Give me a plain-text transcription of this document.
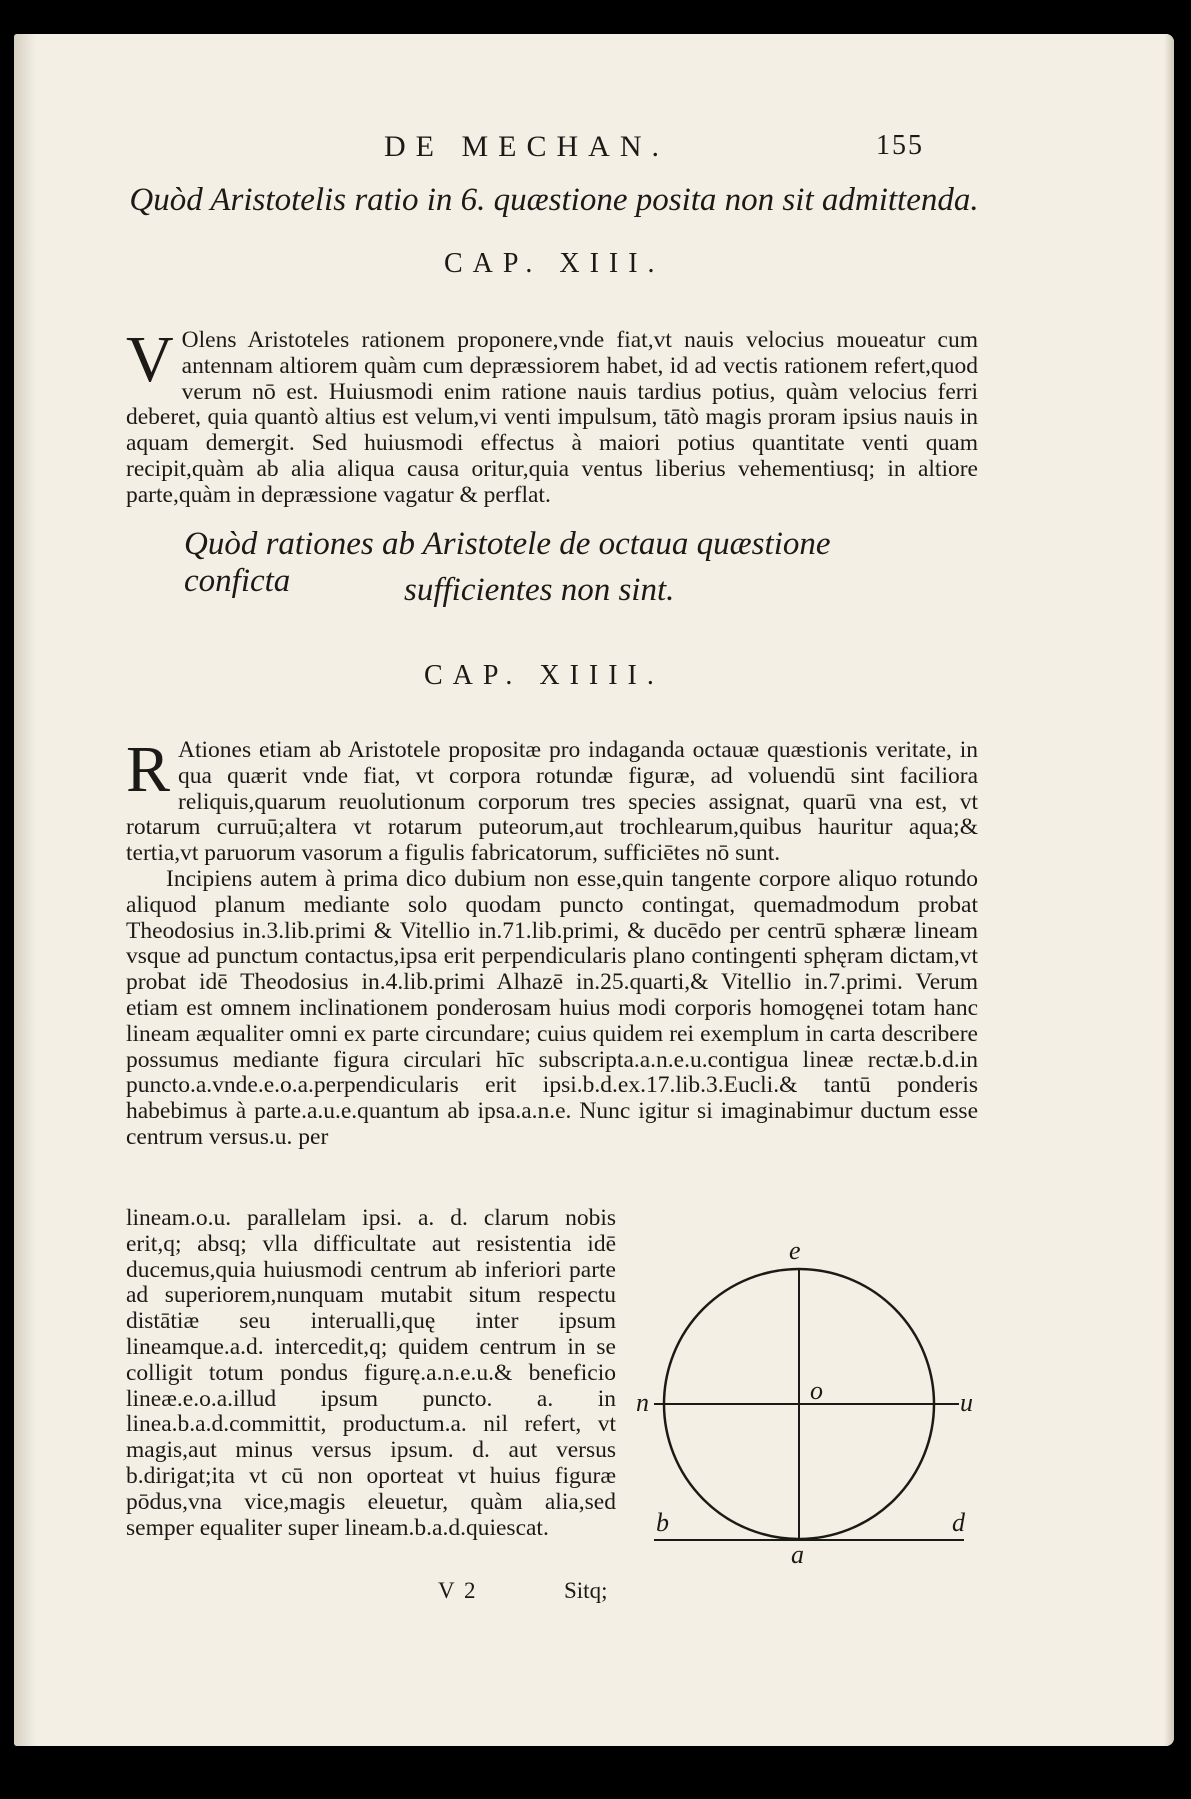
DE MECHAN.	155
Quòd Aristotelis ratio in 6. quæstione posita non sit admittenda.
CAP. XIII.

V Olens Aristoteles rationem proponere,vnde fiat,vt nauis velocius moueatur cum antennam altiorem quàm cum depræssiorem habet, id ad vectis rationem refert,quod verum nō est. Huiusmodi enim ratione nauis tardius potius, quàm velocius ferri deberet, quia quantò altius est velum,vi venti impulsum, tātò magis proram ipsius nauis in aquam demergit. Sed huiusmodi effectus à maiori potius quantitate venti quam recipit,quàm ab alia aliqua causa oritur,quia ventus liberius vehementiusq; in altiore parte,quàm in depræssione vagatur & perflat.

Quòd rationes ab Aristotele de octaua quæstione conficta	sufficientes non sint.
CAP. XIIII.

R Ationes etiam ab Aristotele propositæ pro indaganda octauæ quæstionis veritate, in qua quærit vnde fiat, vt corpora rotundæ figuræ, ad voluendū sint faciliora reliquis,quarum reuolutionum corporum tres species assignat, quarū vna est, vt rotarum curruū;altera vt rotarum puteorum,aut trochlearum,quibus hauritur aqua;& tertia,vt paruorum vasorum a figulis fabricatorum, sufficiētes nō sunt.

Incipiens autem à prima dico dubium non esse,quin tangente corpore aliquo rotundo aliquod planum mediante solo quodam puncto contingat, quemadmodum probat Theodosius in.3.lib.primi & Vitellio in.71.lib.primi, & ducēdo per centrū sphæræ lineam vsque ad punctum contactus,ipsa erit perpendicularis plano contingenti sphęram dictam,vt probat idē Theodosius in.4.lib.primi Alhazē in.25.quarti,& Vitellio in.7.primi. Verum etiam est omnem inclinationem ponderosam huius modi corporis homogęnei totam hanc lineam æqualiter omni ex parte circundare; cuius quidem rei exemplum in carta describere possumus mediante figura circulari hīc subscripta.a.n.e.u.contigua lineæ rectæ.b.d.in puncto.a.vnde.e.o.a.perpendicularis erit ipsi.b.d.ex.17.lib.3.Eucli.& tantū ponderis habebimus à parte.a.u.e.quantum ab ipsa.a.n.e. Nunc igitur si imaginabimur ductum esse centrum versus.u. per

lineam.o.u. parallelam ipsi. a. d. clarum nobis erit,q; absq; vlla difficultate aut resistentia idē ducemus,quia huiusmodi centrum ab inferiori parte ad superiorem,nunquam mutabit situm respectu distātiæ seu interualli,quę inter ipsum lineamque.a.d. intercedit,q; quidem centrum in se colligit totum pondus figurę.a.n.e.u.& beneficio lineæ.e.o.a.illud ipsum puncto. a. in linea.b.a.d.committit, productum.a. nil refert, vt magis,aut minus versus ipsum. d. aut versus b.dirigat;ita vt cū non oporteat vt huius figuræ pōdus,vna vice,magis eleuetur, quàm alia,sed semper equaliter super lineam.b.a.d.quiescat.

e
n	o	u
b	d
a
V 2	Sitq;
